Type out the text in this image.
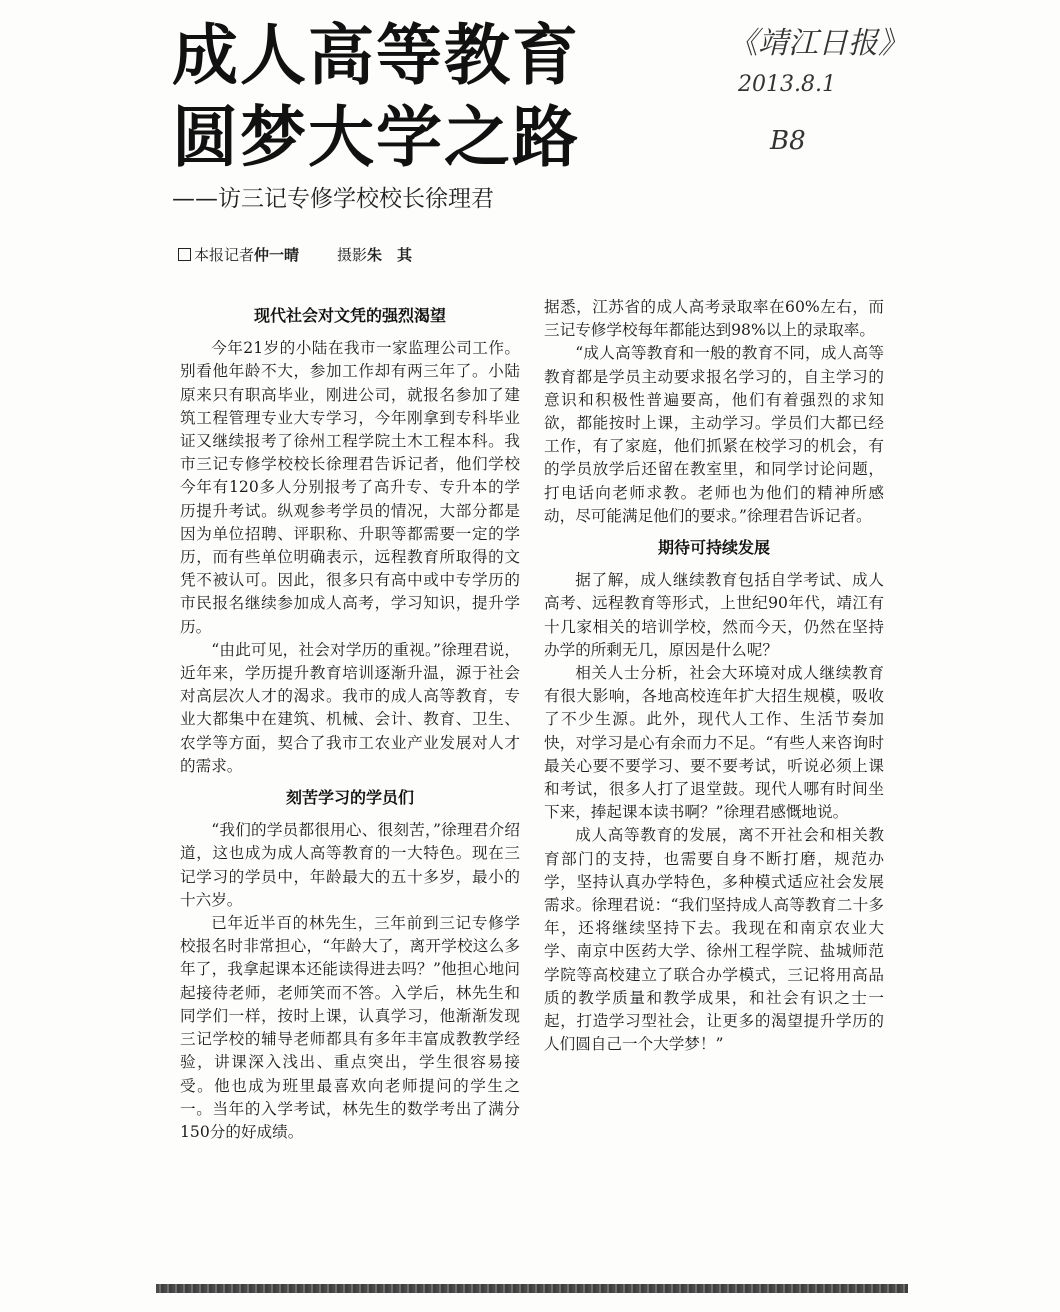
成人高等教育
圆梦大学之路
——访三记专修学校校长徐理君
《靖江日报》
2013.8.1
B8
本报记者仲一晴	摄影朱　其
现代社会对文凭的强烈渴望

今年21岁的小陆在我市一家监理公司工作。别看他年龄不大，参加工作却有两三年了。小陆原来只有职高毕业，刚进公司，就报名参加了建筑工程管理专业大专学习，今年刚拿到专科毕业证又继续报考了徐州工程学院土木工程本科。我市三记专修学校校长徐理君告诉记者，他们学校今年有120多人分别报考了高升专、专升本的学历提升考试。纵观参考学员的情况，大部分都是因为单位招聘、评职称、升职等都需要一定的学历，而有些单位明确表示，远程教育所取得的文凭不被认可。因此，很多只有高中或中专学历的市民报名继续参加成人高考，学习知识，提升学历。

“由此可见，社会对学历的重视。”徐理君说，近年来，学历提升教育培训逐渐升温，源于社会对高层次人才的渴求。我市的成人高等教育，专业大都集中在建筑、机械、会计、教育、卫生、农学等方面，契合了我市工农业产业发展对人才的需求。

刻苦学习的学员们

“我们的学员都很用心、很刻苦，”徐理君介绍道，这也成为成人高等教育的一大特色。现在三记学习的学员中，年龄最大的五十多岁，最小的十六岁。

已年近半百的林先生，三年前到三记专修学校报名时非常担心，“年龄大了，离开学校这么多年了，我拿起课本还能读得进去吗？”他担心地问起接待老师，老师笑而不答。入学后，林先生和同学们一样，按时上课，认真学习，他渐渐发现三记学校的辅导老师都具有多年丰富成教教学经验，讲课深入浅出、重点突出，学生很容易接受。他也成为班里最喜欢向老师提问的学生之一。当年的入学考试，林先生的数学考出了满分150分的好成绩。

据悉，江苏省的成人高考录取率在60%左右，而三记专修学校每年都能达到98%以上的录取率。

“成人高等教育和一般的教育不同，成人高等教育都是学员主动要求报名学习的，自主学习的意识和积极性普遍要高，他们有着强烈的求知欲，都能按时上课，主动学习。学员们大都已经工作，有了家庭，他们抓紧在校学习的机会，有的学员放学后还留在教室里，和同学讨论问题，打电话向老师求教。老师也为他们的精神所感动，尽可能满足他们的要求。”徐理君告诉记者。

期待可持续发展

据了解，成人继续教育包括自学考试、成人高考、远程教育等形式，上世纪90年代，靖江有十几家相关的培训学校，然而今天，仍然在坚持办学的所剩无几，原因是什么呢？

相关人士分析，社会大环境对成人继续教育有很大影响，各地高校连年扩大招生规模，吸收了不少生源。此外，现代人工作、生活节奏加快，对学习是心有余而力不足。“有些人来咨询时最关心要不要学习、要不要考试，听说必须上课和考试，很多人打了退堂鼓。现代人哪有时间坐下来，捧起课本读书啊？”徐理君感慨地说。

成人高等教育的发展，离不开社会和相关教育部门的支持，也需要自身不断打磨，规范办学，坚持认真办学特色，多种模式适应社会发展需求。徐理君说：“我们坚持成人高等教育二十多年，还将继续坚持下去。我现在和南京农业大学、南京中医药大学、徐州工程学院、盐城师范学院等高校建立了联合办学模式，三记将用高品质的教学质量和教学成果，和社会有识之士一起，打造学习型社会，让更多的渴望提升学历的人们圆自己一个大学梦！”
